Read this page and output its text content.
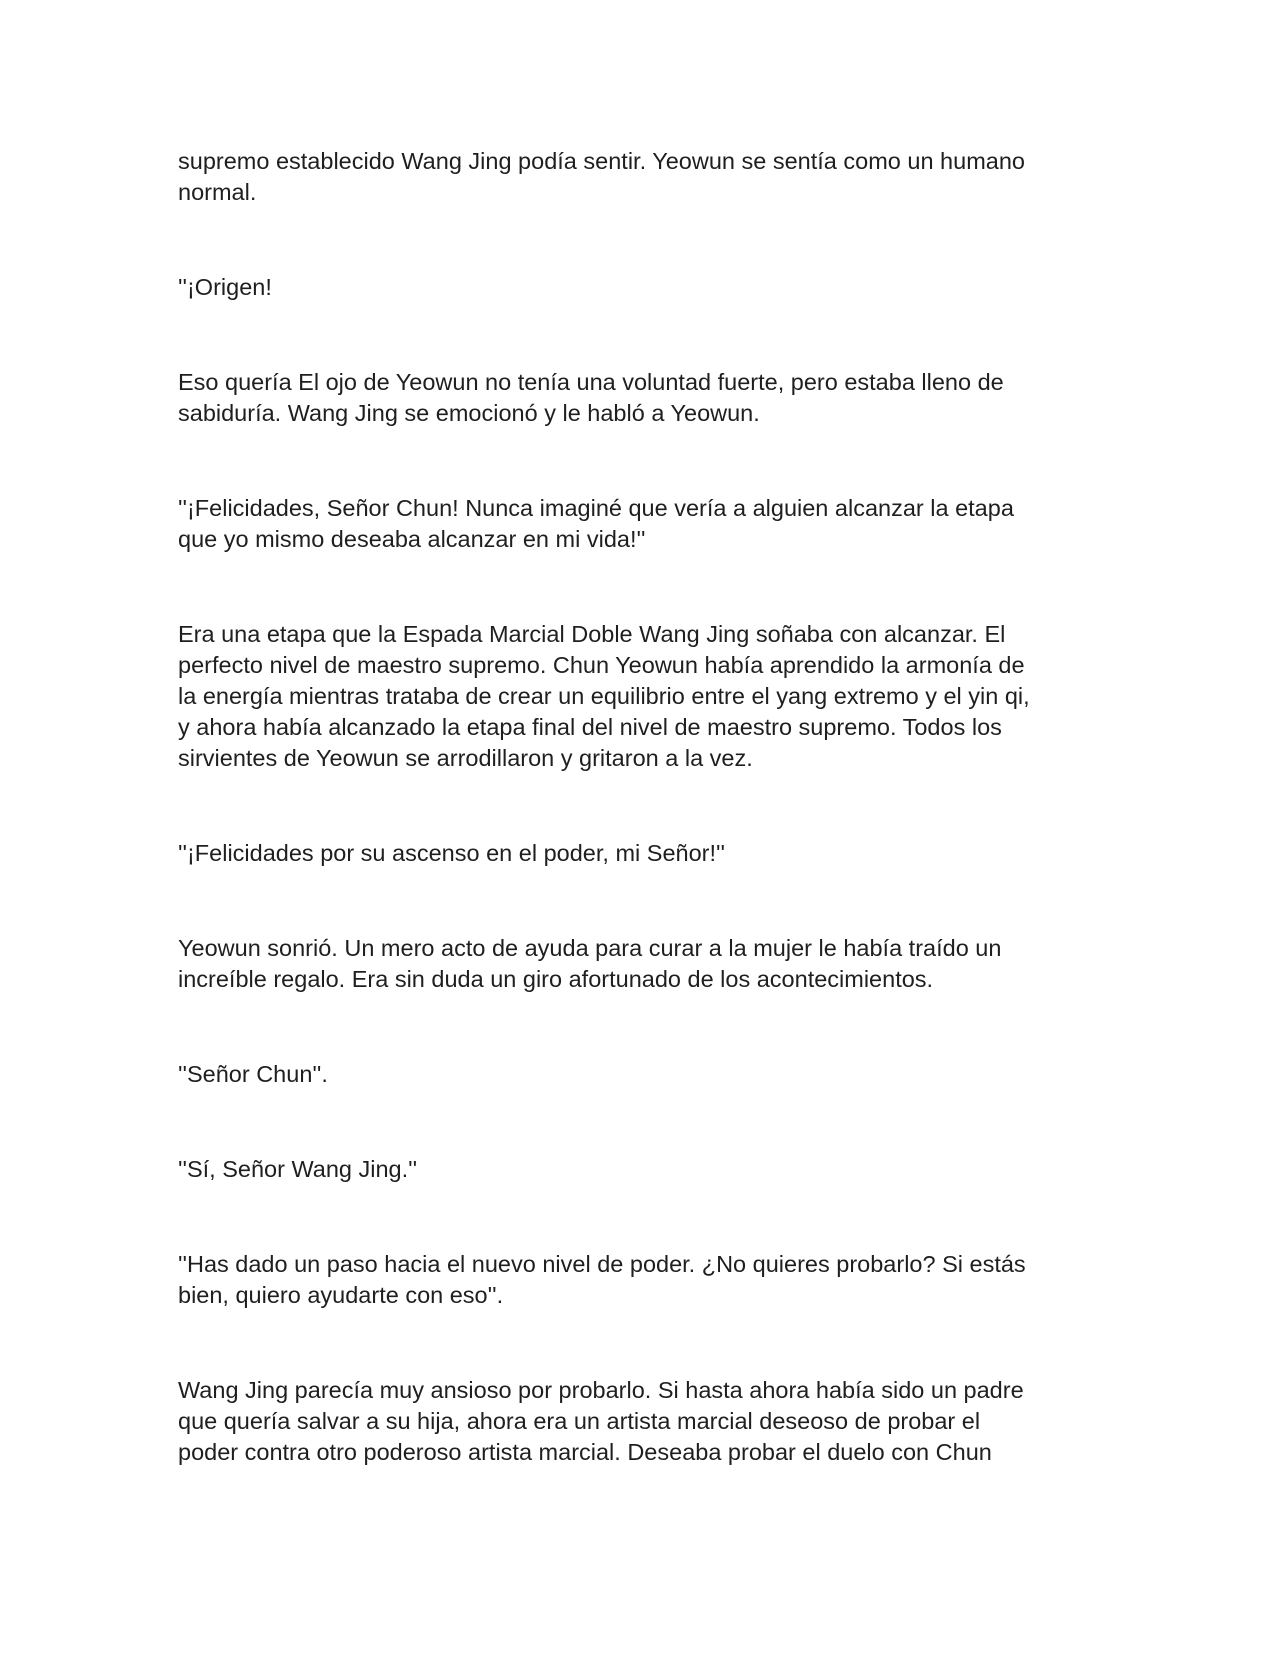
supremo establecido Wang Jing podía sentir. Yeowun se sentía como un humano
normal.

''¡Origen!

Eso quería El ojo de Yeowun no tenía una voluntad fuerte, pero estaba lleno de
sabiduría. Wang Jing se emocionó y le habló a Yeowun.

''¡Felicidades, Señor Chun! Nunca imaginé que vería a alguien alcanzar la etapa
que yo mismo deseaba alcanzar en mi vida!''

Era una etapa que la Espada Marcial Doble Wang Jing soñaba con alcanzar. El
perfecto nivel de maestro supremo. Chun Yeowun había aprendido la armonía de
la energía mientras trataba de crear un equilibrio entre el yang extremo y el yin qi,
y ahora había alcanzado la etapa final del nivel de maestro supremo. Todos los
sirvientes de Yeowun se arrodillaron y gritaron a la vez.

''¡Felicidades por su ascenso en el poder, mi Señor!''

Yeowun sonrió. Un mero acto de ayuda para curar a la mujer le había traído un
increíble regalo. Era sin duda un giro afortunado de los acontecimientos.

''Señor Chun''.

''Sí, Señor Wang Jing.''

''Has dado un paso hacia el nuevo nivel de poder. ¿No quieres probarlo? Si estás
bien, quiero ayudarte con eso''.

Wang Jing parecía muy ansioso por probarlo. Si hasta ahora había sido un padre
que quería salvar a su hija, ahora era un artista marcial deseoso de probar el
poder contra otro poderoso artista marcial. Deseaba probar el duelo con Chun
